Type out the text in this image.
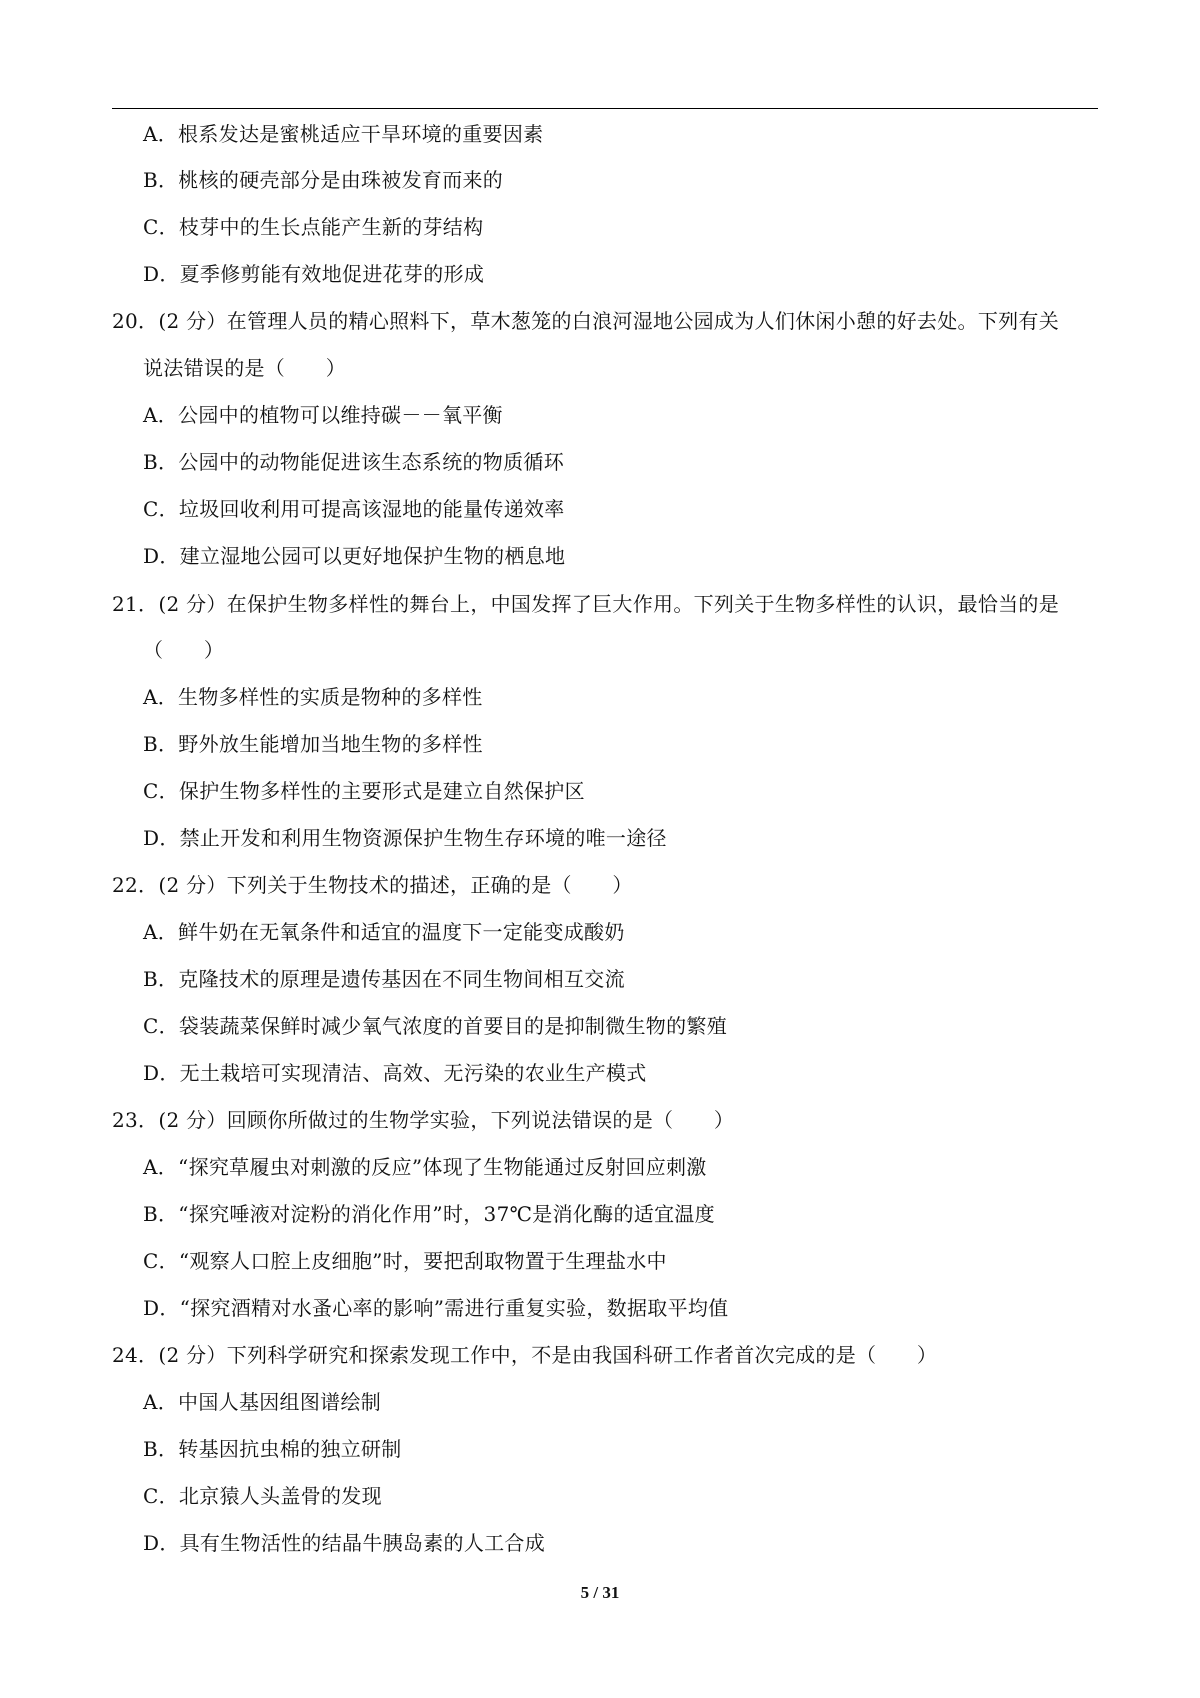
A．根系发达是蜜桃适应干旱环境的重要因素
B．桃核的硬壳部分是由珠被发育而来的
C．枝芽中的生长点能产生新的芽结构
D．夏季修剪能有效地促进花芽的形成
20．(2 分）在管理人员的精心照料下，草木葱笼的白浪河湿地公园成为人们休闲小憩的好去处。下列有关
说法错误的是（　　）
A．公园中的植物可以维持碳－－氧平衡
B．公园中的动物能促进该生态系统的物质循环
C．垃圾回收利用可提高该湿地的能量传递效率
D．建立湿地公园可以更好地保护生物的栖息地
21．(2 分）在保护生物多样性的舞台上，中国发挥了巨大作用。下列关于生物多样性的认识，最恰当的是
（　　）
A．生物多样性的实质是物种的多样性
B．野外放生能增加当地生物的多样性
C．保护生物多样性的主要形式是建立自然保护区
D．禁止开发和利用生物资源保护生物生存环境的唯一途径
22．(2 分）下列关于生物技术的描述，正确的是（　　）
A．鲜牛奶在无氧条件和适宜的温度下一定能变成酸奶
B．克隆技术的原理是遗传基因在不同生物间相互交流
C．袋装蔬菜保鲜时减少氧气浓度的首要目的是抑制微生物的繁殖
D．无土栽培可实现清洁、高效、无污染的农业生产模式
23．(2 分）回顾你所做过的生物学实验，下列说法错误的是（　　）
A．“探究草履虫对刺激的反应”体现了生物能通过反射回应刺激
B．“探究唾液对淀粉的消化作用”时，37℃是消化酶的适宜温度
C．“观察人口腔上皮细胞”时，要把刮取物置于生理盐水中
D．“探究酒精对水蚤心率的影响”需进行重复实验，数据取平均值
24．(2 分）下列科学研究和探索发现工作中，不是由我国科研工作者首次完成的是（　　）
A．中国人基因组图谱绘制
B．转基因抗虫棉的独立研制
C．北京猿人头盖骨的发现
D．具有生物活性的结晶牛胰岛素的人工合成
5 / 31
